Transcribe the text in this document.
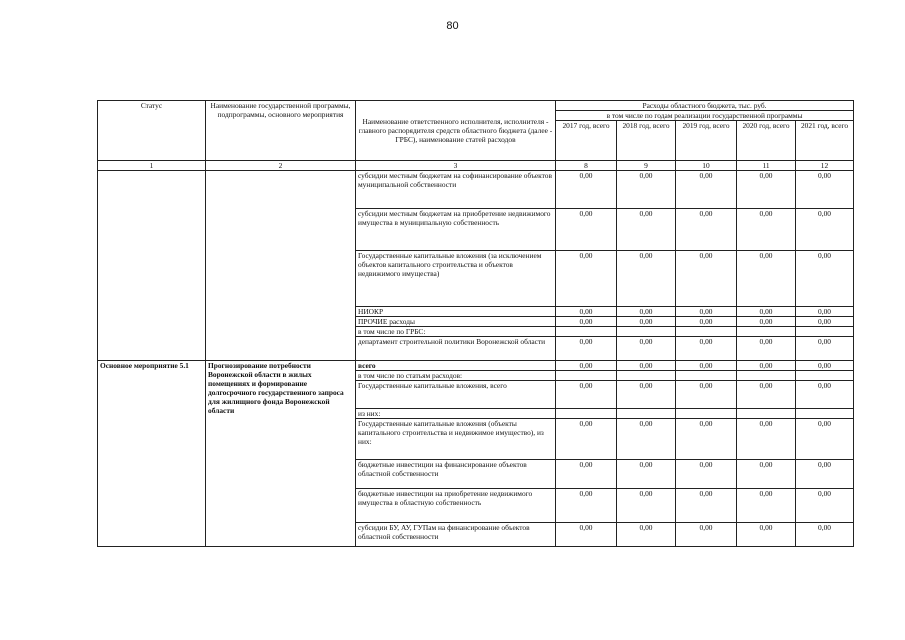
80
Статус	Наименование государственной программы, подпрограммы, основного мероприятия	Наименование ответственного исполнителя, исполнителя - главного распорядителя средств областного бюджета (далее - ГРБС), наименование статей расходов	Расходы областного бюджета, тыс. руб.				
			в том числе по годам реализации государственной программы				
			2017 год, всего	2018 год, всего	2019 год, всего	2020 год, всего	2021 год, всего
1	2	3	8	9	10	11	12
		субсидии местным бюджетам на софинансирование объектов муниципальной собственности	0,00	0,00	0,00	0,00	0,00
		субсидии местным бюджетам на приобретение недвижимого имущества в муниципальную собственность	0,00	0,00	0,00	0,00	0,00
		Государственные капитальные вложения (за исключением объектов капитального строительства и объектов недвижимого имущества)	0,00	0,00	0,00	0,00	0,00
		НИОКР	0,00	0,00	0,00	0,00	0,00
		ПРОЧИЕ расходы	0,00	0,00	0,00	0,00	0,00
		в том числе по ГРБС:					
		департамент строительной политики Воронежской области	0,00	0,00	0,00	0,00	0,00
Основное мероприятие 5.1	Прогнозирование потребности Воронежской области в жилых помещениях и формирование долгосрочного государственного запроса для жилищного фонда Воронежской области	всего	0,00	0,00	0,00	0,00	0,00
		в том числе по статьям расходов:					
		Государственные капитальные вложения, всего	0,00	0,00	0,00	0,00	0,00
		из них:					
		Государственные капитальные вложения (объекты капитального строительства и недвижимое имущество), из них:	0,00	0,00	0,00	0,00	0,00
		бюджетные инвестиции на финансирование объектов областной собственности	0,00	0,00	0,00	0,00	0,00
		бюджетные инвестиции на приобретение недвижимого имущества в областную собственность	0,00	0,00	0,00	0,00	0,00
		субсидии БУ, АУ, ГУПам на финансирование объектов областной собственности	0,00	0,00	0,00	0,00	0,00
